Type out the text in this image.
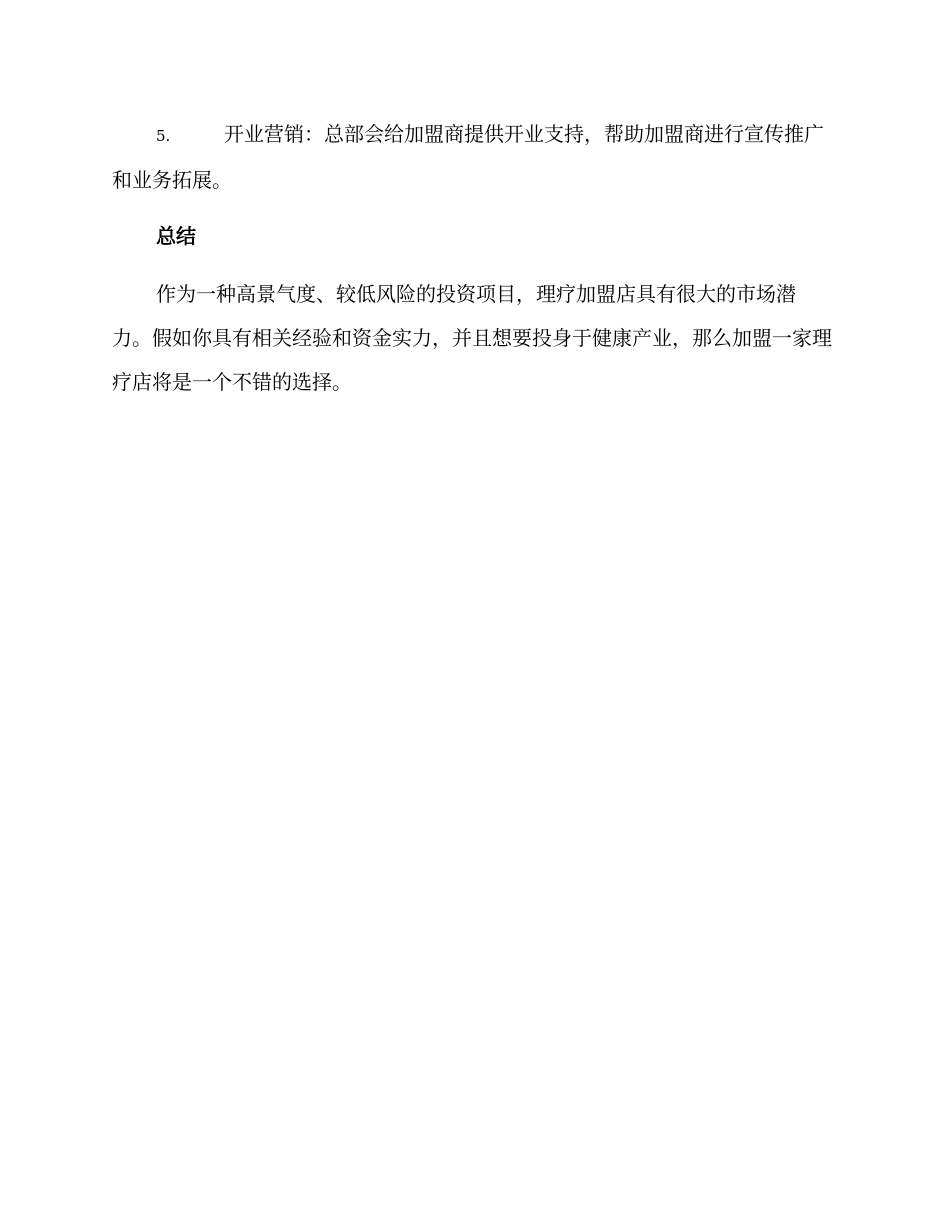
5.	开业营销：总部会给加盟商提供开业支持，帮助加盟商进行宣传推广和业务拓展。

总结

作为一种高景气度、较低风险的投资项目，理疗加盟店具有很大的市场潜力。假如你具有相关经验和资金实力，并且想要投身于健康产业，那么加盟一家理疗店将是一个不错的选择。
